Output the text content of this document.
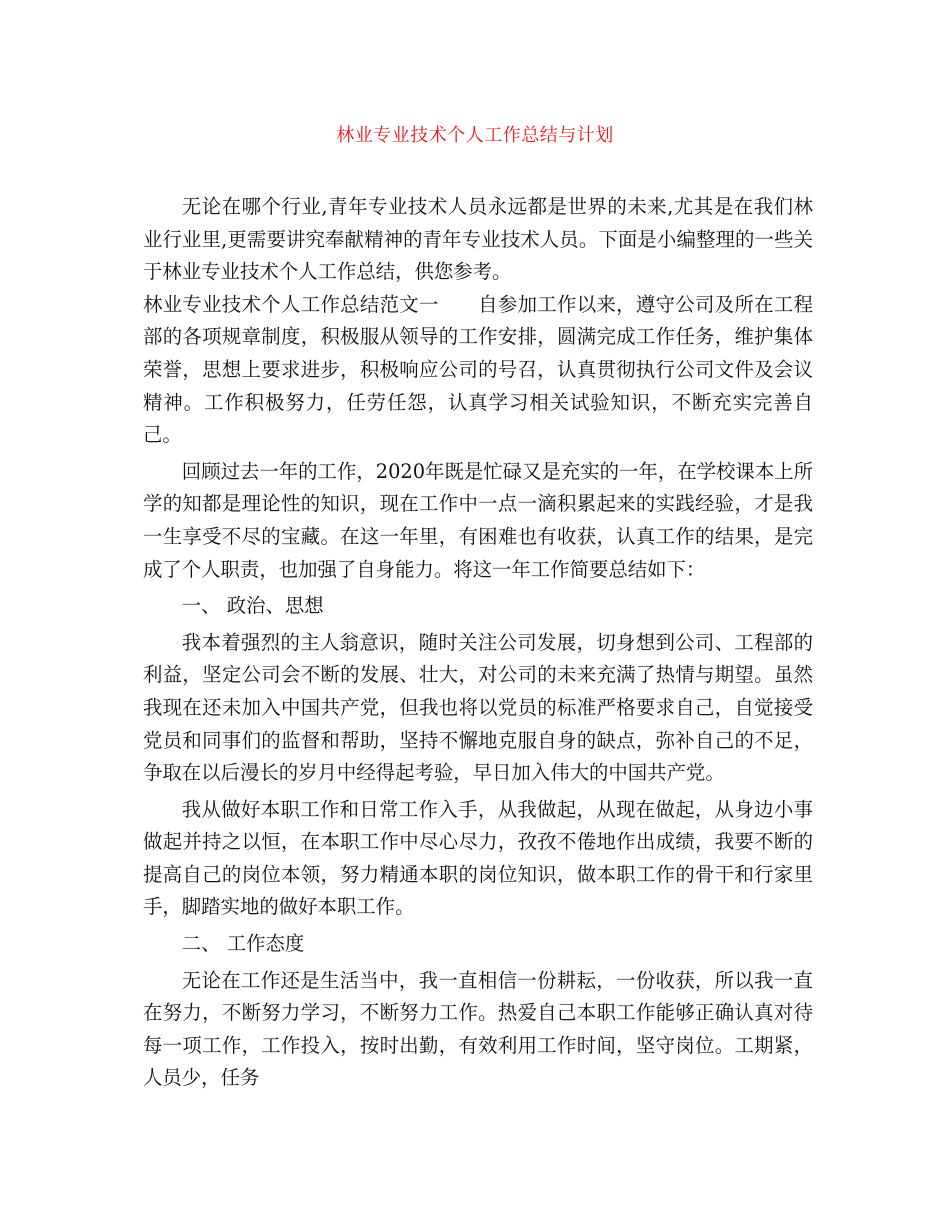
林业专业技术个人工作总结与计划

无论在哪个行业,青年专业技术人员永远都是世界的未来,尤其是在我们林业行业里,更需要讲究奉献精神的青年专业技术人员。下面是小编整理的一些关于林业专业技术个人工作总结，供您参考。

林业专业技术个人工作总结范文一　　自参加工作以来，遵守公司及所在工程部的各项规章制度，积极服从领导的工作安排，圆满完成工作任务，维护集体荣誉，思想上要求进步，积极响应公司的号召，认真贯彻执行公司文件及会议精神。工作积极努力，任劳任怨，认真学习相关试验知识，不断充实完善自己。

回顾过去一年的工作，2020年既是忙碌又是充实的一年，在学校课本上所学的知都是理论性的知识，现在工作中一点一滴积累起来的实践经验，才是我一生享受不尽的宝藏。在这一年里，有困难也有收获，认真工作的结果，是完成了个人职责，也加强了自身能力。将这一年工作简要总结如下：

一、 政治、思想

我本着强烈的主人翁意识，随时关注公司发展，切身想到公司、工程部的利益，坚定公司会不断的发展、壮大，对公司的未来充满了热情与期望。虽然我现在还未加入中国共产党，但我也将以党员的标准严格要求自己，自觉接受党员和同事们的监督和帮助，坚持不懈地克服自身的缺点，弥补自己的不足，争取在以后漫长的岁月中经得起考验，早日加入伟大的中国共产党。

我从做好本职工作和日常工作入手，从我做起，从现在做起，从身边小事做起并持之以恒，在本职工作中尽心尽力，孜孜不倦地作出成绩，我要不断的提高自己的岗位本领，努力精通本职的岗位知识，做本职工作的骨干和行家里手，脚踏实地的做好本职工作。

二、 工作态度

无论在工作还是生活当中，我一直相信一份耕耘，一份收获，所以我一直在努力，不断努力学习，不断努力工作。热爱自己本职工作能够正确认真对待每一项工作，工作投入，按时出勤，有效利用工作时间，坚守岗位。工期紧，人员少，任务
